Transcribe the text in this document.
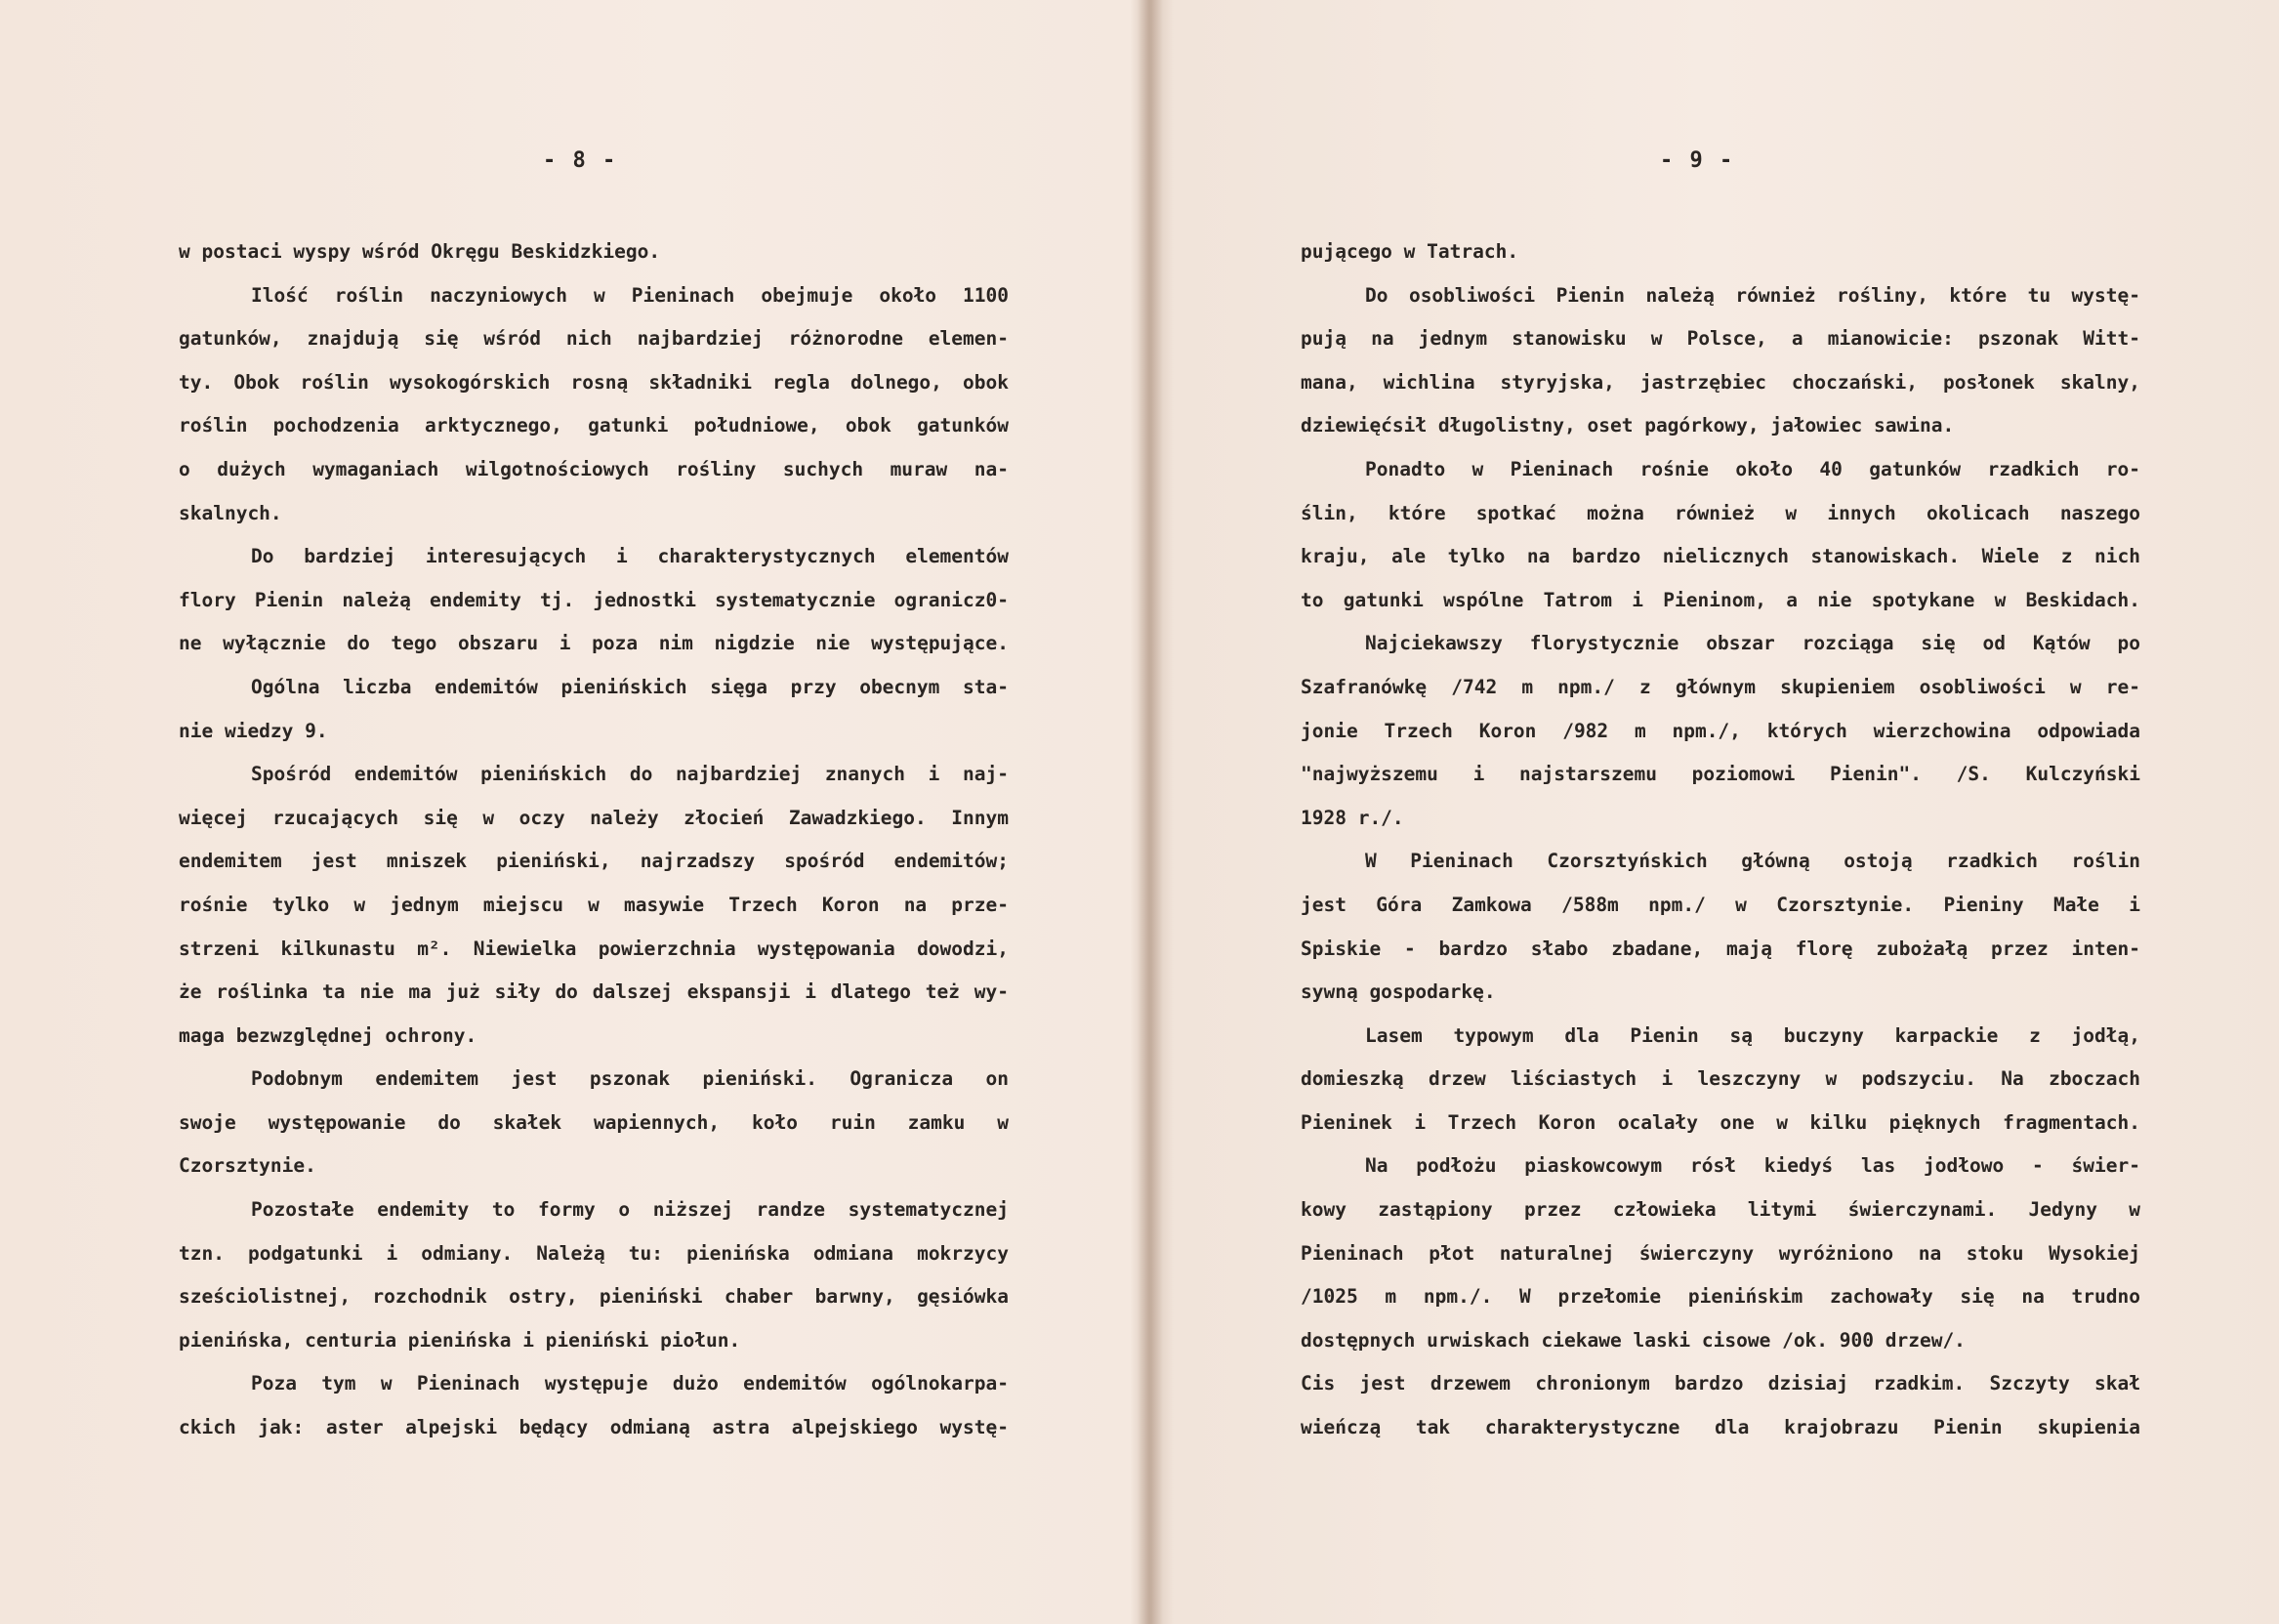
- 8 -
w postaci wyspy wśród Okręgu Beskidzkiego.
Ilość roślin naczyniowych w Pieninach obejmuje około 1100
gatunków, znajdują się wśród nich najbardziej różnorodne elemen-
ty. Obok roślin wysokogórskich rosną składniki regla dolnego, obok
roślin pochodzenia arktycznego, gatunki południowe, obok gatunków
o dużych wymaganiach wilgotnościowych rośliny suchych muraw na-
skalnych.
Do bardziej interesujących i charakterystycznych elementów
flory Pienin należą endemity tj. jednostki systematycznie ogranicz0-
ne wyłącznie do tego obszaru i poza nim nigdzie nie występujące.
Ogólna liczba endemitów pienińskich sięga przy obecnym sta-
nie wiedzy 9.
Spośród endemitów pienińskich do najbardziej znanych i naj-
więcej rzucających się w oczy należy złocień Zawadzkiego. Innym
endemitem jest mniszek pieniński, najrzadszy spośród endemitów;
rośnie tylko w jednym miejscu w masywie Trzech Koron na prze-
strzeni kilkunastu m². Niewielka powierzchnia występowania dowodzi,
że roślinka ta nie ma już siły do dalszej ekspansji i dlatego też wy-
maga bezwzględnej ochrony.
Podobnym endemitem jest pszonak pieniński. Ogranicza on
swoje występowanie do skałek wapiennych, koło ruin zamku w
Czorsztynie.
Pozostałe endemity to formy o niższej randze systematycznej
tzn. podgatunki i odmiany. Należą tu: pienińska odmiana mokrzycy
sześciolistnej, rozchodnik ostry, pieniński chaber barwny, gęsiówka
pienińska, centuria pienińska i pieniński piołun.
Poza tym w Pieninach występuje dużo endemitów ogólnokarpa-
ckich jak: aster alpejski będący odmianą astra alpejskiego wystę-
- 9 -
pującego w Tatrach.
Do osobliwości Pienin należą również rośliny, które tu wystę-
pują na jednym stanowisku w Polsce, a mianowicie: pszonak Witt-
mana, wichlina styryjska, jastrzębiec choczański, posłonek skalny,
dziewięćsił długolistny, oset pagórkowy, jałowiec sawina.
Ponadto w Pieninach rośnie około 40 gatunków rzadkich ro-
ślin, które spotkać można również w innych okolicach naszego
kraju, ale tylko na bardzo nielicznych stanowiskach. Wiele z nich
to gatunki wspólne Tatrom i Pieninom, a nie spotykane w Beskidach.
Najciekawszy florystycznie obszar rozciąga się od Kątów po
Szafranówkę /742 m npm./ z głównym skupieniem osobliwości w re-
jonie Trzech Koron /982 m npm./, których wierzchowina odpowiada
"najwyższemu i najstarszemu poziomowi Pienin". /S. Kulczyński
1928 r./.
W Pieninach Czorsztyńskich główną ostoją rzadkich roślin
jest Góra Zamkowa /588m npm./ w Czorsztynie. Pieniny Małe i
Spiskie - bardzo słabo zbadane, mają florę zubożałą przez inten-
sywną gospodarkę.
Lasem typowym dla Pienin są buczyny karpackie z jodłą,
domieszką drzew liściastych i leszczyny w podszyciu. Na zboczach
Pieninek i Trzech Koron ocalały one w kilku pięknych fragmentach.
Na podłożu piaskowcowym rósł kiedyś las jodłowo - świer-
kowy zastąpiony przez człowieka litymi świerczynami. Jedyny w
Pieninach płot naturalnej świerczyny wyróżniono na stoku Wysokiej
/1025 m npm./. W przełomie pienińskim zachowały się na trudno
dostępnych urwiskach ciekawe laski cisowe /ok. 900 drzew/.
Cis jest drzewem chronionym bardzo dzisiaj rzadkim. Szczyty skał
wieńczą tak charakterystyczne dla krajobrazu Pienin skupienia
